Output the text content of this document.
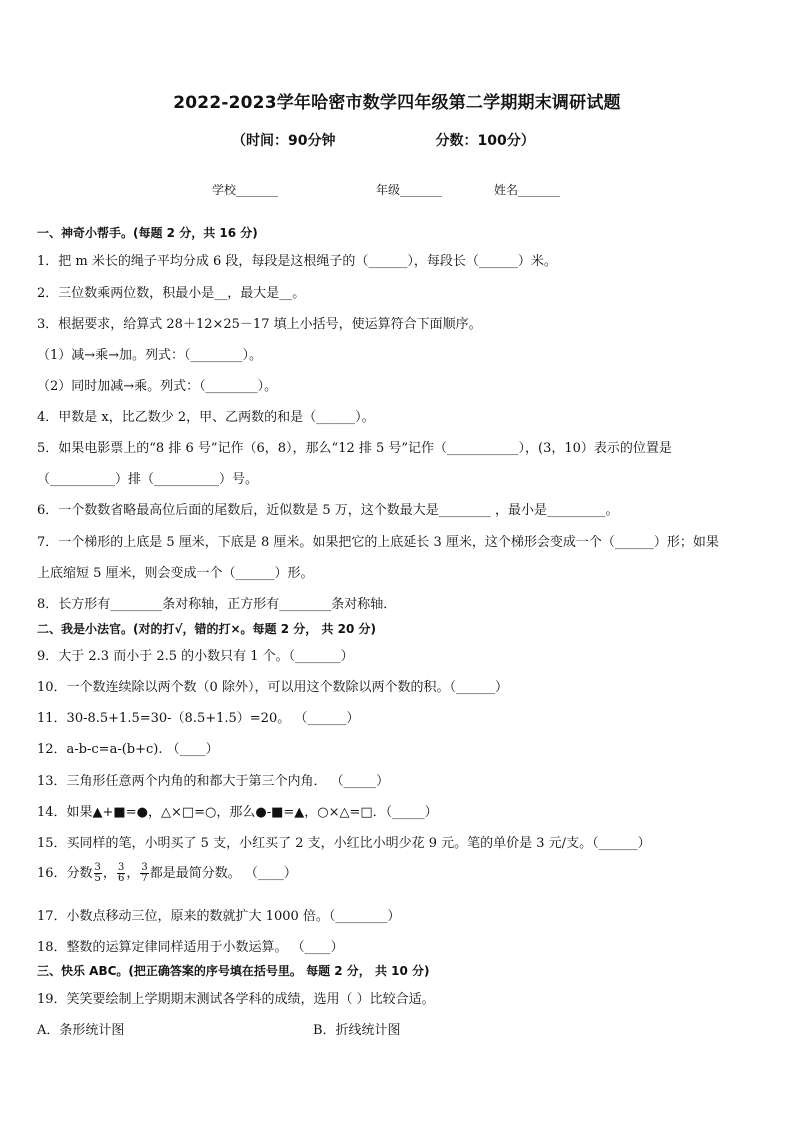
2022-2023学年哈密市数学四年级第二学期期末调研试题
（时间：90分钟	分数：100分）
学校_______	年级_______	姓名_______
一、神奇小帮手。(每题 2 分，共 16 分)
1．把 m 米长的绳子平均分成 6 段，每段是这根绳子的（______），每段长（______）米。
2．三位数乘两位数，积最小是__，最大是__。
3．根据要求，给算式 28＋12×25－17 填上小括号，使运算符合下面顺序。
（1）减→乘→加。列式：（________）。
（2）同时加减→乘。列式：（________）。
4．甲数是 x，比乙数少 2，甲、乙两数的和是（______）。
5．如果电影票上的“8 排 6 号”记作（6，8），那么“12 排 5 号”记作（___________），(3，10）表示的位置是
（__________）排（__________）号。
6．一个数数省略最高位后面的尾数后，近似数是 5 万，这个数最大是________ ，最小是_________。
7．一个梯形的上底是 5 厘米，下底是 8 厘米。如果把它的上底延长 3 厘米，这个梯形会变成一个（______）形；如果
上底缩短 5 厘米，则会变成一个（______）形。
8．长方形有________条对称轴，正方形有________条对称轴．
二、我是小法官。(对的打√，错的打×。每题 2 分， 共 20 分)
9．大于 2.3 而小于 2.5 的小数只有 1 个。（_______）
10．一个数连续除以两个数（0 除外），可以用这个数除以两个数的积。（______）
11．30-8.5+1.5=30-（8.5+1.5）=20。 （______）
12．a-b-c=a-(b+c). （____）
13．三角形任意两个内角的和都大于第三个内角． （_____）
14．如果▲+■=●，△×□=○，那么●-■=▲，○×△=□．（_____）
15．买同样的笔，小明买了 5 支，小红买了 2 支，小红比小明少花 9 元。笔的单价是 3 元/支。（______）
16．分数 $\frac{3}{5}$ ， $\frac{3}{6}$ ， $\frac{3}{7}$ 都是最简分数。 （____）
17．小数点移动三位，原来的数就扩大 1000 倍。（________）
18．整数的运算定律同样适用于小数运算。 （____）
三、快乐 ABC。(把正确答案的序号填在括号里。 每题 2 分， 共 10 分)
19．笑笑要绘制上学期期末测试各学科的成绩，选用（ ）比较合适。
A．条形统计图	B．折线统计图
